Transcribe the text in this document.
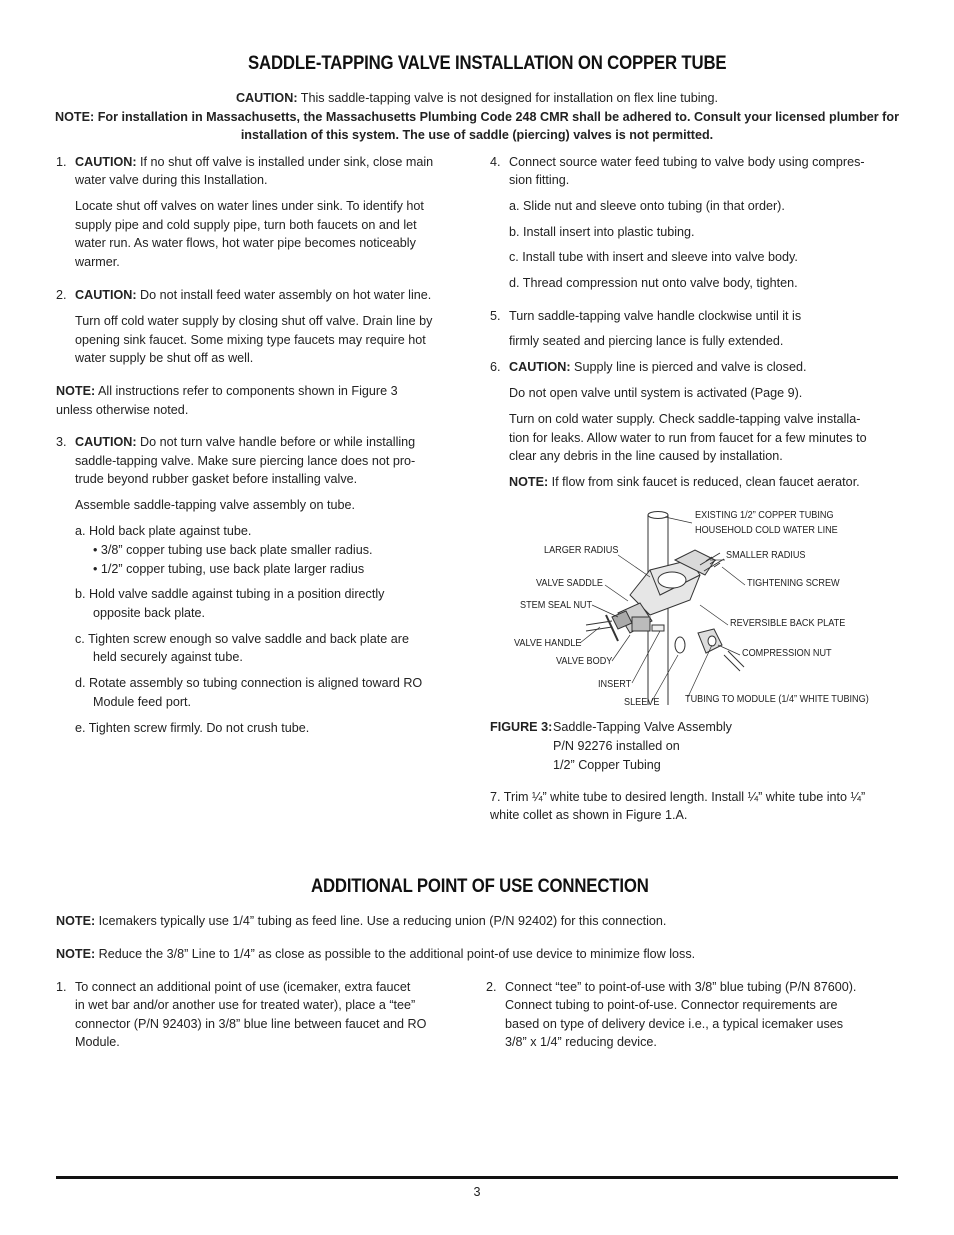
SADDLE-TAPPING VALVE INSTALLATION ON COPPER TUBE
CAUTION: This saddle-tapping valve is not designed for installation on flex line tubing.
NOTE: For installation in Massachusetts, the Massachusetts Plumbing Code 248 CMR shall be adhered to. Consult your licensed plumber for
installation of this system. The use of saddle (piercing) valves is not permitted.
1. CAUTION: If no shut off valve is installed under sink, close main
water valve during this Installation.
Locate shut off valves on water lines under sink. To identify hot
supply pipe and cold supply pipe, turn both faucets on and let
water run. As water flows, hot water pipe becomes noticeably
warmer.
2. CAUTION: Do not install feed water assembly on hot water line.
Turn off cold water supply by closing shut off valve. Drain line by
opening sink faucet. Some mixing type faucets may require hot
water supply be shut off as well.
NOTE: All instructions refer to components shown in Figure 3
unless otherwise noted.
3. CAUTION: Do not turn valve handle before or while installing
saddle-tapping valve. Make sure piercing lance does not pro-
trude beyond rubber gasket before installing valve.
Assemble saddle-tapping valve assembly on tube.
a. Hold back plate against tube.
• 3/8” copper tubing use back plate smaller radius.
• 1/2” copper tubing, use back plate larger radius
b. Hold valve saddle against tubing in a position directly
opposite back plate.
c. Tighten screw enough so valve saddle and back plate are
held securely against tube.
d. Rotate assembly so tubing connection is aligned toward RO
Module feed port.
e. Tighten screw firmly. Do not crush tube.
4. Connect source water feed tubing to valve body using compres-
sion fitting.
a. Slide nut and sleeve onto tubing (in that order).
b. Install insert into plastic tubing.
c. Install tube with insert and sleeve into valve body.
d. Thread compression nut onto valve body, tighten.
5. Turn saddle-tapping valve handle clockwise until it is
firmly seated and piercing lance is fully extended.
6. CAUTION: Supply line is pierced and valve is closed.
Do not open valve until system is activated (Page 9).
Turn on cold water supply. Check saddle-tapping valve installa-
tion for leaks. Allow water to run from faucet for a few minutes to
clear any debris in the line caused by installation.
NOTE: If flow from sink faucet is reduced, clean faucet aerator.
EXISTING 1/2” COPPER TUBING
HOUSEHOLD COLD WATER LINE
LARGER RADIUS	SMALLER RADIUS
VALVE SADDLE	TIGHTENING SCREW
STEM SEAL NUT
REVERSIBLE BACK PLATE
VALVE HANDLE
COMPRESSION NUT
VALVE BODY
INSERT
SLEEVE	TUBING TO MODULE (1/4” WHITE TUBING)
FIGURE 3: Saddle-Tapping Valve Assembly
P/N 92276 installed on
1/2” Copper Tubing
7. Trim ¼” white tube to desired length. Install ¼” white tube into ¼”
white collet as shown in Figure 1.A.
ADDITIONAL POINT OF USE CONNECTION
NOTE: Icemakers typically use 1/4” tubing as feed line. Use a reducing union (P/N 92402) for this connection.
NOTE: Reduce the 3/8” Line to 1/4” as close as possible to the additional point-of use device to minimize flow loss.
1. To connect an additional point of use (icemaker, extra faucet
in wet bar and/or another use for treated water), place a “tee”
connector (P/N 92403) in 3/8” blue line between faucet and RO
Module.
2. Connect “tee” to point-of-use with 3/8” blue tubing (P/N 87600).
Connect tubing to point-of-use. Connector requirements are
based on type of delivery device i.e., a typical icemaker uses
3/8” x 1/4” reducing device.
3
